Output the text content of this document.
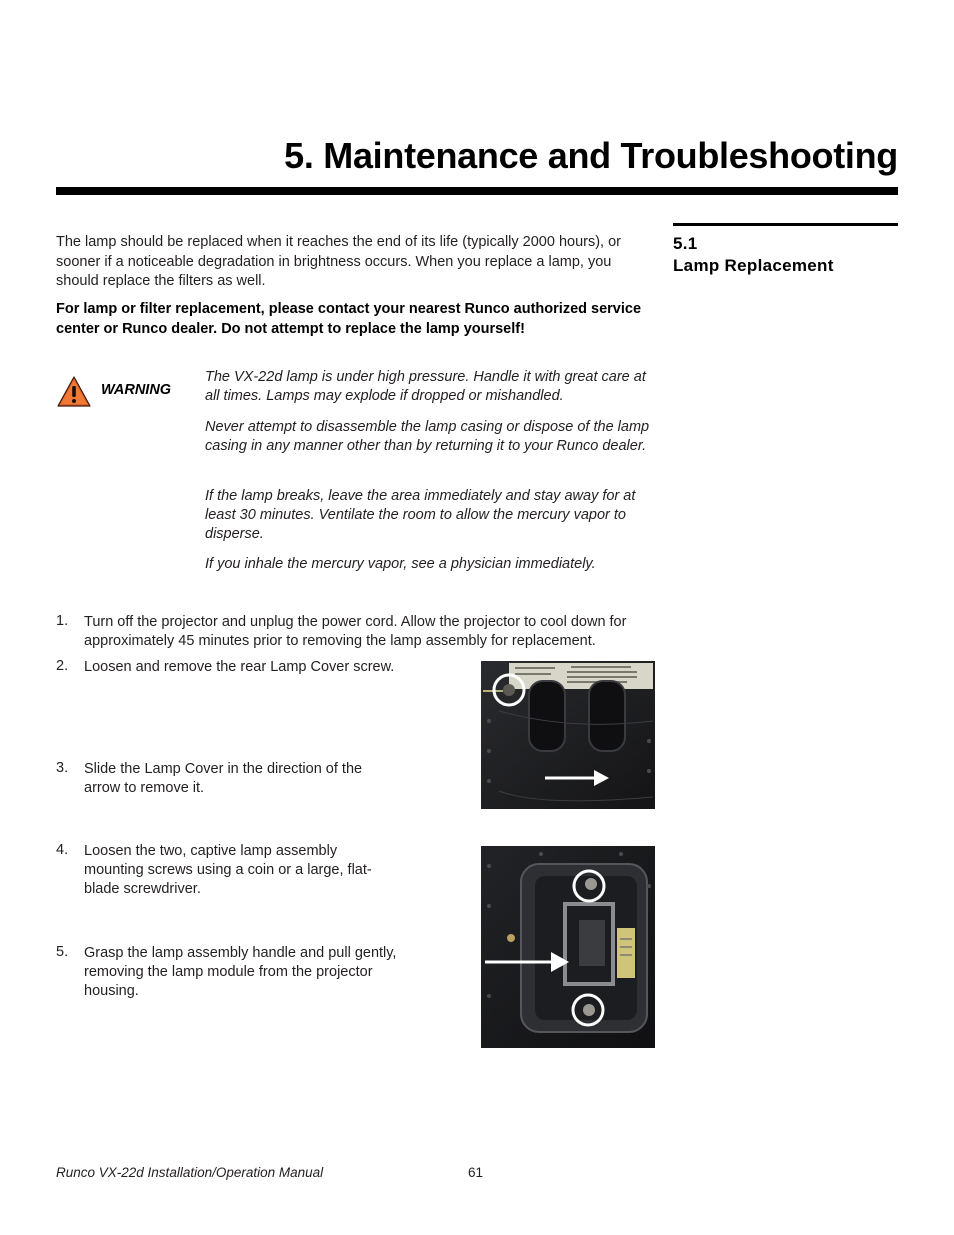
5. Maintenance and Troubleshooting
5.1
Lamp Replacement
The lamp should be replaced when it reaches the end of its life (typically 2000 hours), or sooner if a noticeable degradation in brightness occurs. When you replace a lamp, you should replace the filters as well.
For lamp or filter replacement, please contact your nearest Runco authorized service center or Runco dealer. Do not attempt to replace the lamp yourself!
WARNING
The VX-22d lamp is under high pressure. Handle it with great care at all times. Lamps may explode if dropped or mishandled.
Never attempt to disassemble the lamp casing or dispose of the lamp casing in any manner other than by returning it to your Runco dealer.
If the lamp breaks, leave the area immediately and stay away for at least 30 minutes. Ventilate the room to allow the mercury vapor to disperse.
If you inhale the mercury vapor, see a physician immediately.
1.	Turn off the projector and unplug the power cord. Allow the projector to cool down for approximately 45 minutes prior to removing the lamp assembly for replacement.
2.	Loosen and remove the rear Lamp Cover screw.
3.	Slide the Lamp Cover in the direction of the arrow to remove it.
4.	Loosen the two, captive lamp assembly mounting screws using a coin or a large, flat-blade screwdriver.
5.	Grasp the lamp assembly handle and pull gently, removing the lamp module from the projector housing.
Runco VX-22d Installation/Operation Manual	61
